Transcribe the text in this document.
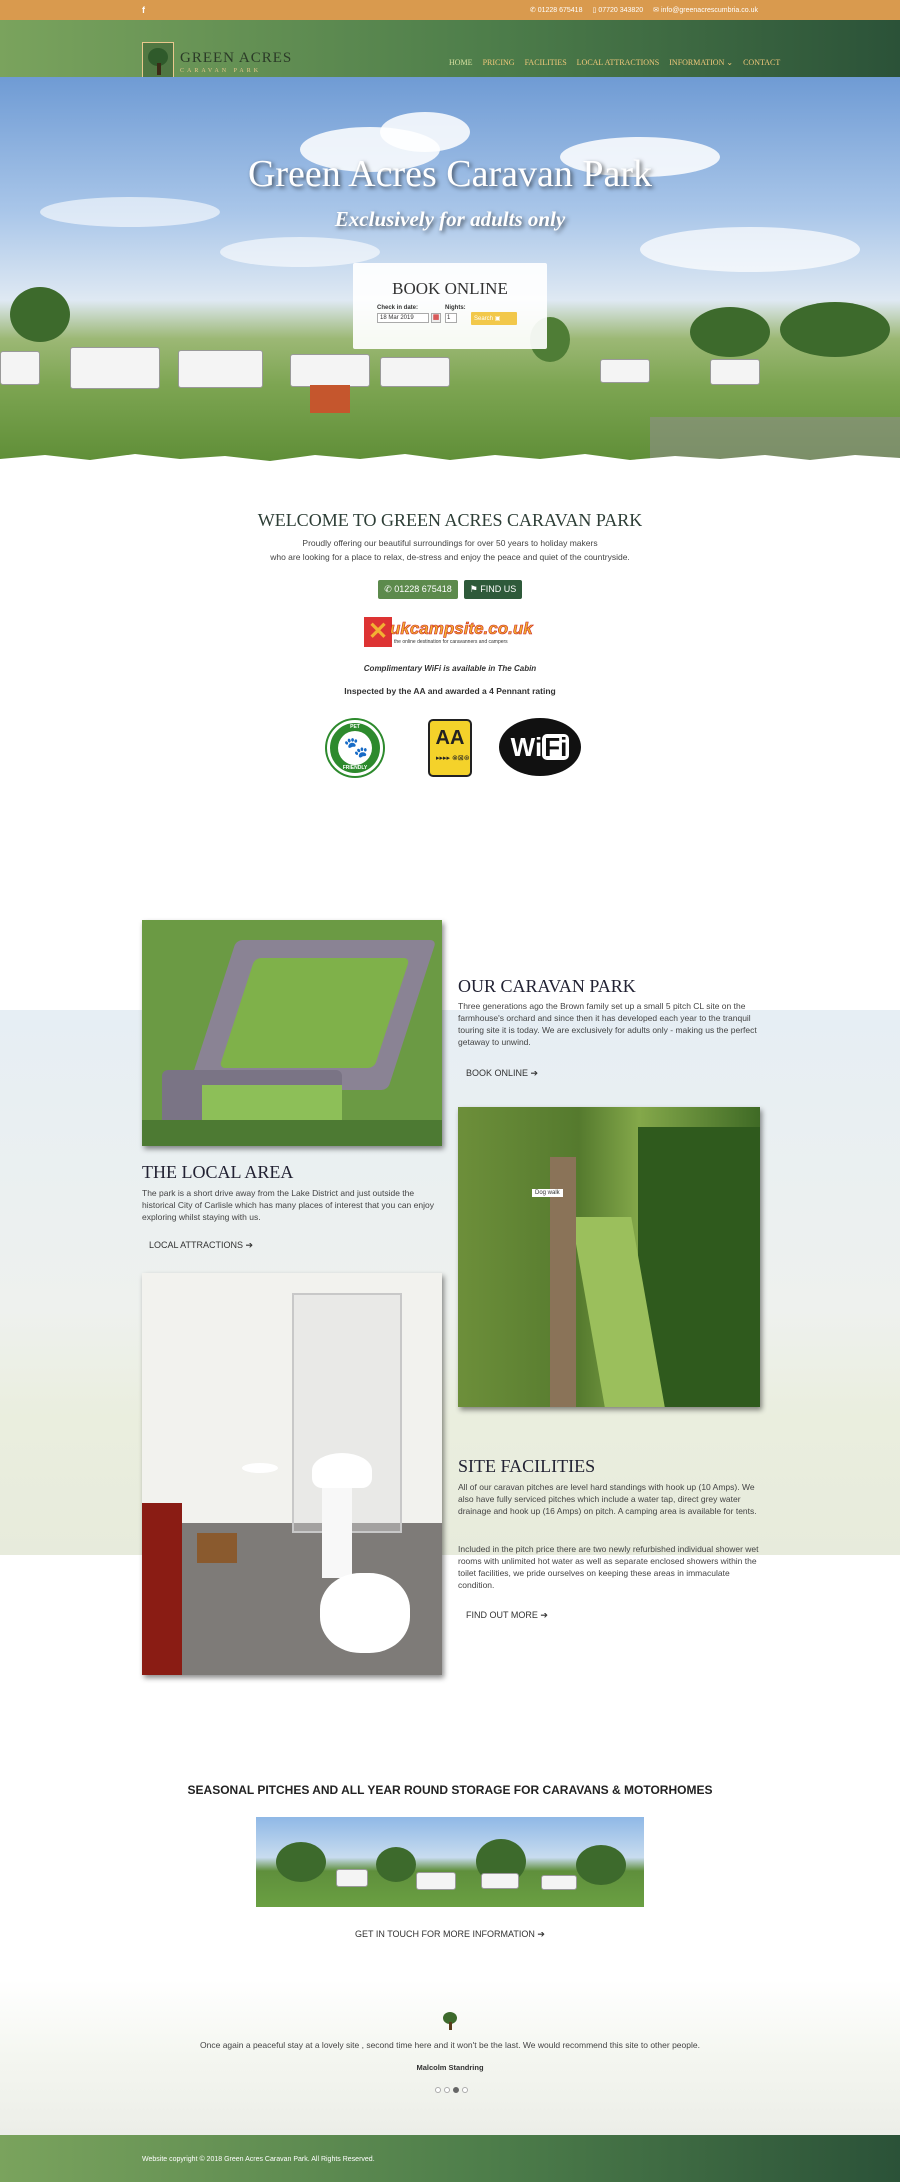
f	✆ 01228 675418 ▯ 07720 343820 ✉ info@greenacrescumbria.co.uk
GREEN ACRES
CARAVAN PARK
HOME PRICING FACILITIES LOCAL ATTRACTIONS INFORMATION ⌄ CONTACT
Green Acres Caravan Park
Exclusively for adults only
BOOK ONLINE
Check in date:	Nights:
18 Mar 2019	▦	1	Search ▣
WELCOME TO GREEN ACRES CARAVAN PARK
Proudly offering our beautiful surroundings for over 50 years to holiday makers
who are looking for a place to relax, de-stress and enjoy the peace and quiet of the countryside.
✆ 01228 675418	⚑ FIND US
✕ ukcampsite.co.uk
the online destination for caravanners and campers
Complimentary WiFi is available in The Cabin
Inspected by the AA and awarded a 4 Pennant rating
PET
🐾
FRIENDLY
AA
▸▸▸▸ ⊗⊠⊛	WiFi
OUR CARAVAN PARK
Three generations ago the Brown family set up a small 5 pitch CL site on the farmhouse's orchard and since then it has developed each year to the tranquil touring site it is today. We are exclusively for adults only - making us the perfect getaway to unwind.
BOOK ONLINE ➔
Dog walk
THE LOCAL AREA
The park is a short drive away from the Lake District and just outside the historical City of Carlisle which has many places of interest that you can enjoy exploring whilst staying with us.
LOCAL ATTRACTIONS ➔
SITE FACILITIES
All of our caravan pitches are level hard standings with hook up (10 Amps). We also have fully serviced pitches which include a water tap, direct grey water drainage and hook up (16 Amps) on pitch. A camping area is available for tents.
Included in the pitch price there are two newly refurbished individual shower wet rooms with unlimited hot water as well as separate enclosed showers within the toilet facilities, we pride ourselves on keeping these areas in immaculate condition.
FIND OUT MORE ➔
SEASONAL PITCHES AND ALL YEAR ROUND STORAGE FOR CARAVANS & MOTORHOMES
GET IN TOUCH FOR MORE INFORMATION ➔
Once again a peaceful stay at a lovely site , second time here and it won't be the last. We would recommend this site to other people.
Malcolm Standring
Website copyright © 2018 Green Acres Caravan Park. All Rights Reserved.
